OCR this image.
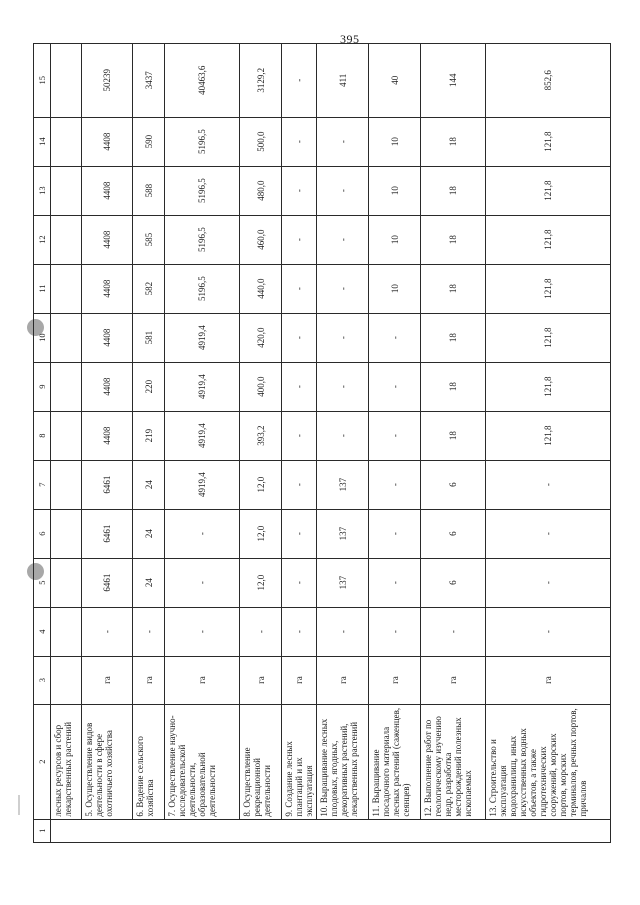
395
1	2	3	4	5	6	7	8	9	10	11	12	13	14	15
	лесных ресурсов и сбор лекарственных растений													
	5. Осуществление видов деятельности в сфере охотничьего хозяйства	га	-	6461	6461	6461	4408	4408	4408	4408	4408	4408	4408	50239
	6. Ведение сельского хозяйства	га	-	24	24	24	219	220	581	582	585	588	590	3437
	7. Осуществление научно-исследовательской деятельности, образовательной деятельности	га	-	-	-	4919,4	4919,4	4919,4	4919,4	5196,5	5196,5	5196,5	5196,5	40463,6
	8. Осуществление рекреационной деятельности	га	-	12,0	12,0	12,0	393,2	400,0	420,0	440,0	460,0	480,0	500,0	3129,2
	9. Создание лесных плантаций и их эксплуатация	га	-	-	-	-	-	-	-	-	-	-	-	-
	10. Выращивание лесных плодовых, ягодных, декоративных растений, лекарственных растений	га	-	137	137	137	-	-	-	-	-	-	-	411
	11. Выращивание посадочного материала лесных растений (саженцев, сеянцев)	га	-	-	-	-	-	-	-	10	10	10	10	40
	12. Выполнение работ по геологическому изучению недр, разработка месторождений полезных ископаемых	га	-	6	6	6	18	18	18	18	18	18	18	144
	13. Строительство и эксплуатация водохранилищ, иных искусственных водных объектов, а также гидротехнических сооружений, морских портов, морских терминалов, речных портов, причалов	га	-	-	-	-	121,8	121,8	121,8	121,8	121,8	121,8	121,8	852,6
